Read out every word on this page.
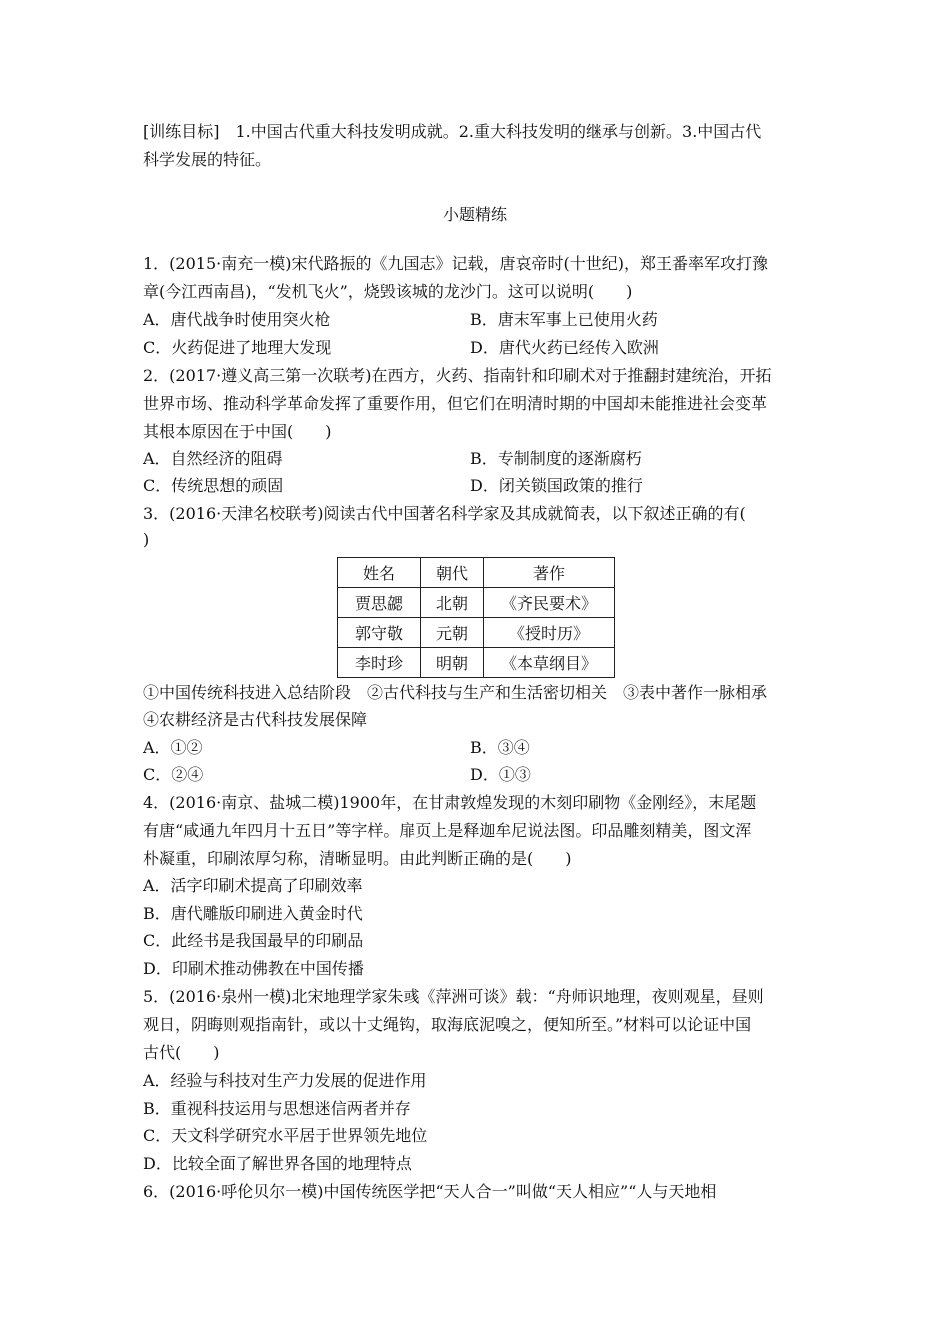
[训练目标]　1.中国古代重大科技发明成就。2.重大科技发明的继承与创新。3.中国古代
科学发展的特征。
小题精练
1．(2015·南充一模)宋代路振的《九国志》记载，唐哀帝时(十世纪)，郑王番率军攻打豫
章(今江西南昌)，“发机飞火”，烧毁该城的龙沙门。这可以说明(　　)
A．唐代战争时使用突火枪	B．唐末军事上已使用火药
C．火药促进了地理大发现	D．唐代火药已经传入欧洲
2．(2017·遵义高三第一次联考)在西方，火药、指南针和印刷术对于推翻封建统治，开拓
世界市场、推动科学革命发挥了重要作用，但它们在明清时期的中国却未能推进社会变革
其根本原因在于中国(　　)
A．自然经济的阻碍	B．专制制度的逐渐腐朽
C．传统思想的顽固	D．闭关锁国政策的推行
3．(2016·天津名校联考)阅读古代中国著名科学家及其成就简表，以下叙述正确的有(
)
姓名	朝代	著作
贾思勰	北朝	《齐民要术》
郭守敬	元朝	《授时历》
李时珍	明朝	《本草纲目》
①中国传统科技进入总结阶段　②古代科技与生产和生活密切相关　③表中著作一脉相承
④农耕经济是古代科技发展保障
A．①②	B．③④
C．②④	D．①③
4．(2016·南京、盐城二模)1900年，在甘肃敦煌发现的木刻印刷物《金刚经》，末尾题
有唐“咸通九年四月十五日”等字样。扉页上是释迦牟尼说法图。印品雕刻精美，图文浑
朴凝重，印刷浓厚匀称，清晰显明。由此判断正确的是(　　)
A．活字印刷术提高了印刷效率
B．唐代雕版印刷进入黄金时代
C．此经书是我国最早的印刷品
D．印刷术推动佛教在中国传播
5．(2016·泉州一模)北宋地理学家朱彧《萍洲可谈》载：“舟师识地理，夜则观星，昼则
观日，阴晦则观指南针，或以十丈绳钩，取海底泥嗅之，便知所至。”材料可以论证中国
古代(　　)
A．经验与科技对生产力发展的促进作用
B．重视科技运用与思想迷信两者并存
C．天文科学研究水平居于世界领先地位
D．比较全面了解世界各国的地理特点
6．(2016·呼伦贝尔一模)中国传统医学把“天人合一”叫做“天人相应”“人与天地相
